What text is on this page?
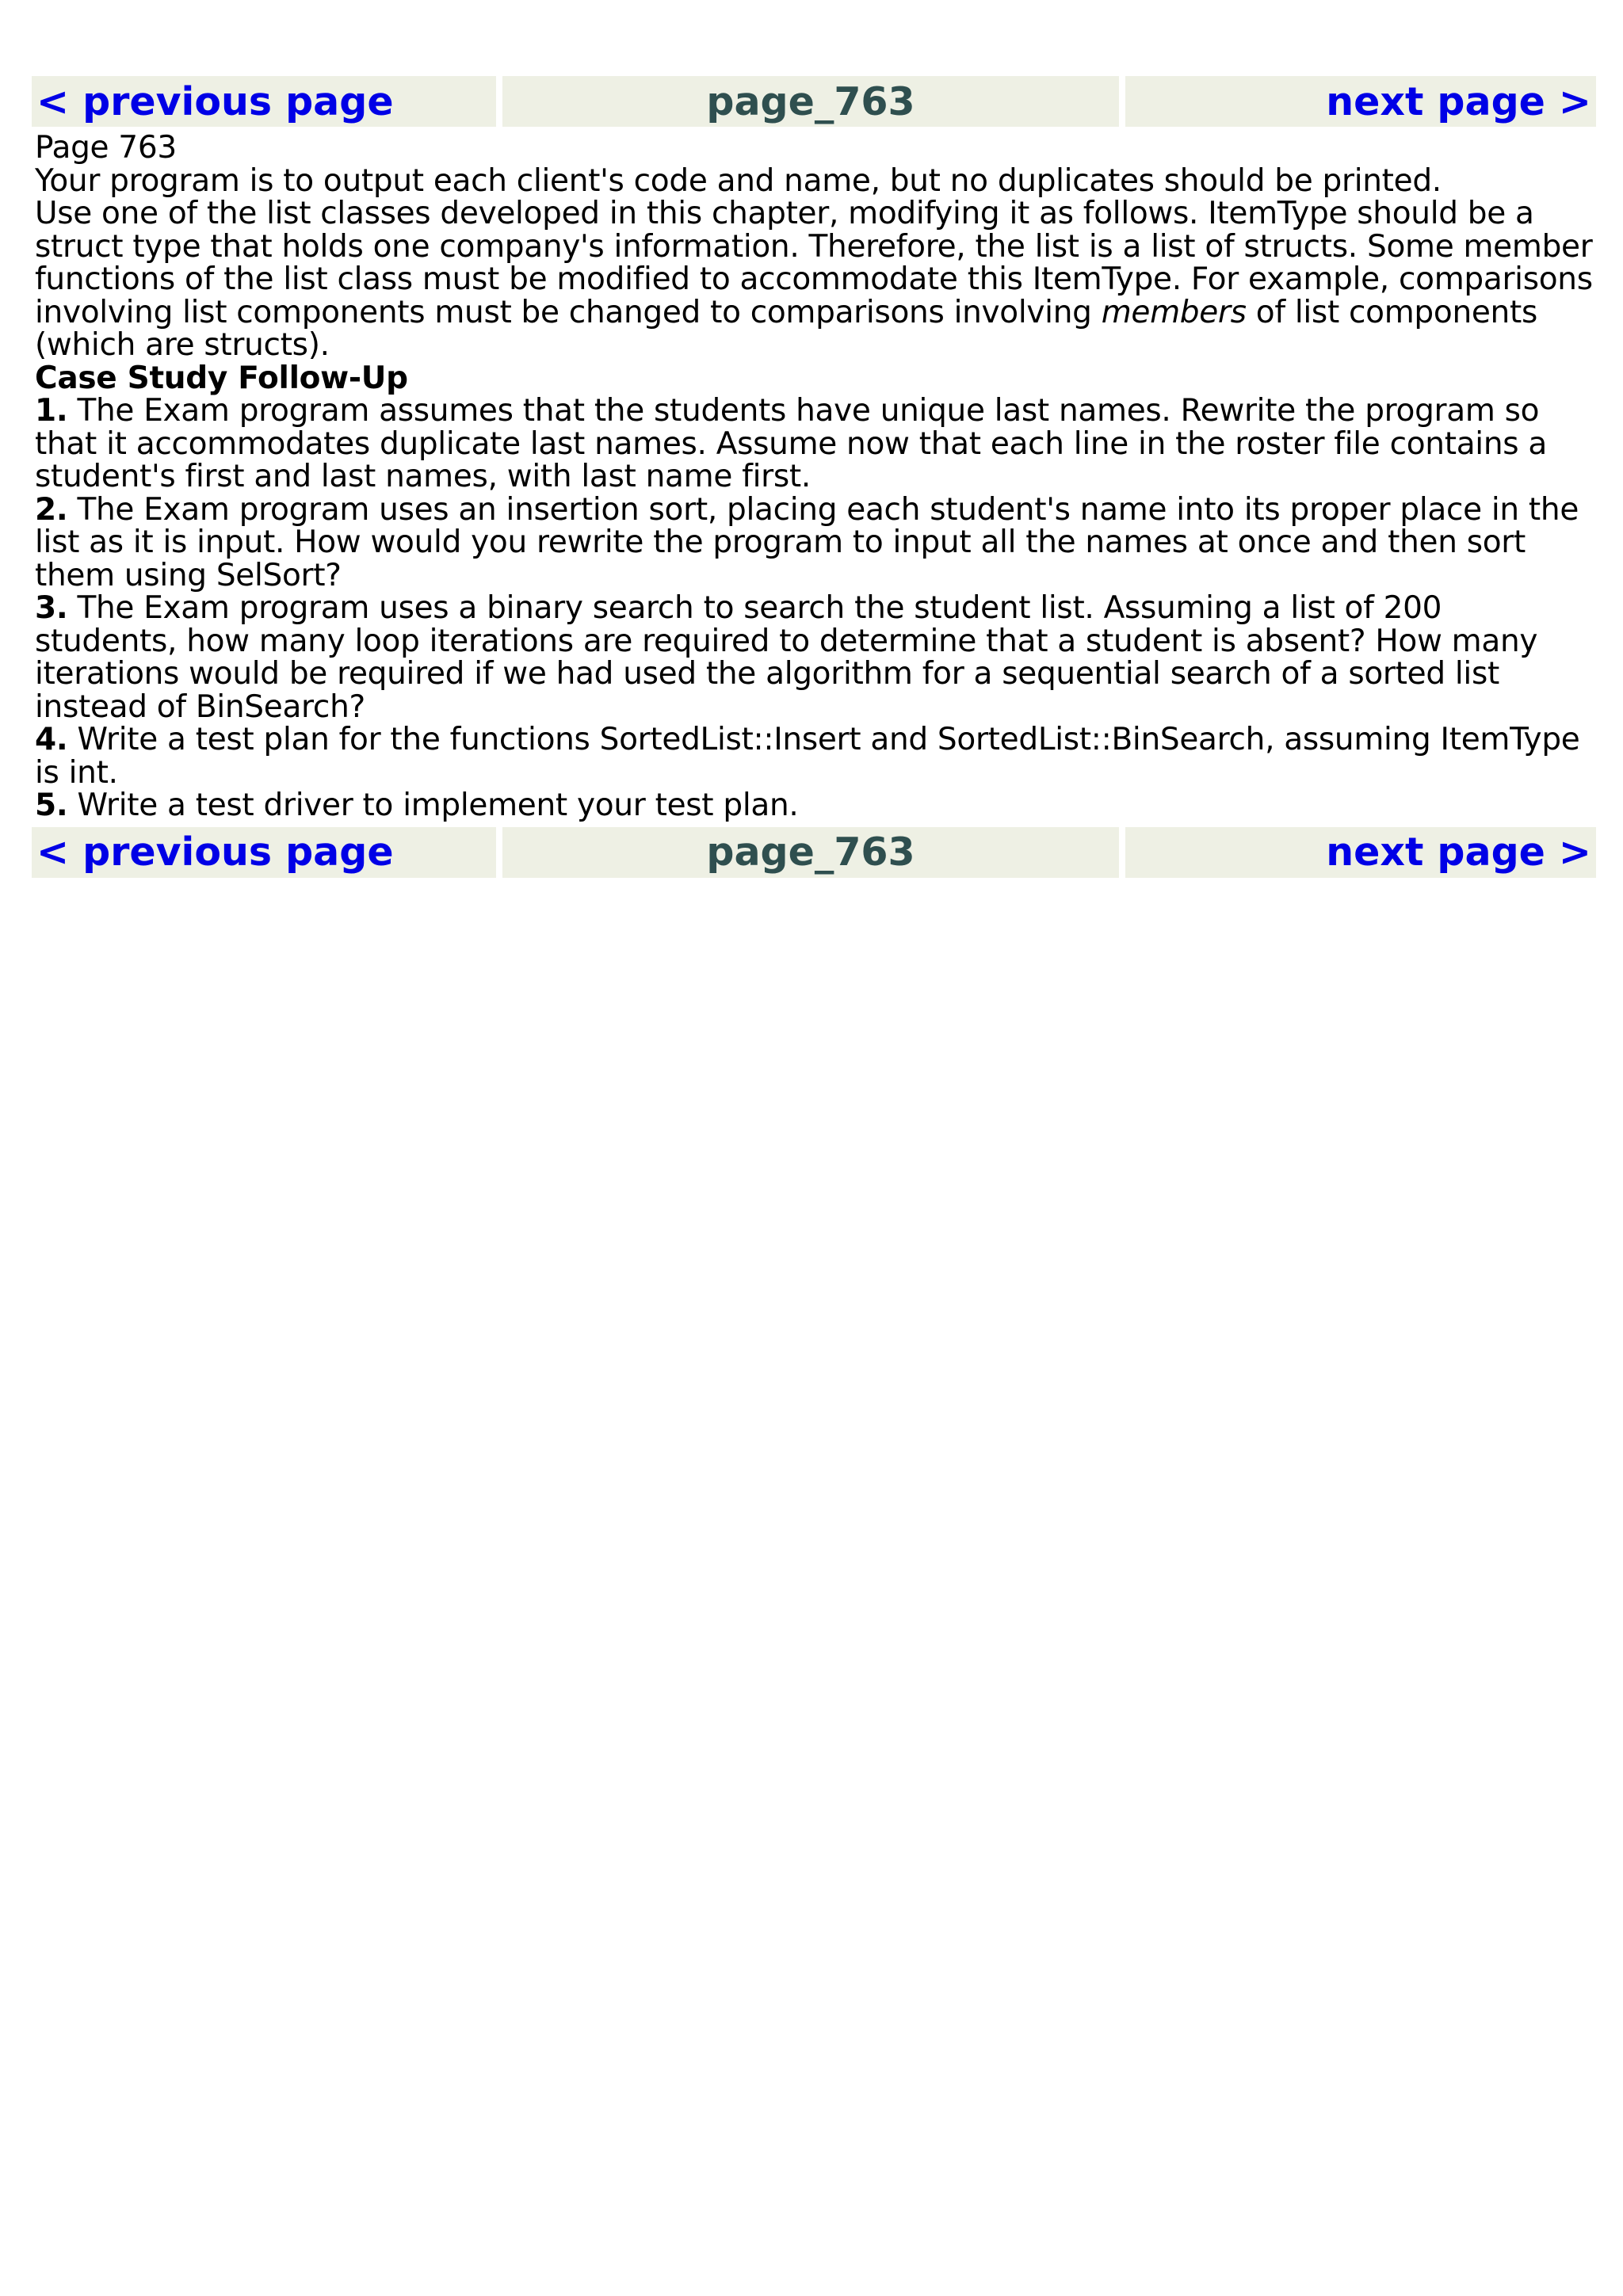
< previous page	page_763	next page >

Page 763

Your program is to output each client's code and name, but no duplicates should be printed.

Use one of the list classes developed in this chapter, modifying it as follows. ItemType should be a struct type that holds one company's information. Therefore, the list is a list of structs. Some member functions of the list class must be modified to accommodate this ItemType. For example, comparisons involving list components must be changed to comparisons involving members of list components (which are structs).

Case Study Follow-Up

1. The Exam program assumes that the students have unique last names. Rewrite the program so that it accommodates duplicate last names. Assume now that each line in the roster file contains a student's first and last names, with last name first.

2. The Exam program uses an insertion sort, placing each student's name into its proper place in the list as it is input. How would you rewrite the program to input all the names at once and then sort them using SelSort?

3. The Exam program uses a binary search to search the student list. Assuming a list of 200 students, how many loop iterations are required to determine that a student is absent? How many iterations would be required if we had used the algorithm for a sequential search of a sorted list instead of BinSearch?

4. Write a test plan for the functions SortedList::Insert and SortedList::BinSearch, assuming ItemType is int.

5. Write a test driver to implement your test plan.

< previous page	page_763	next page >
